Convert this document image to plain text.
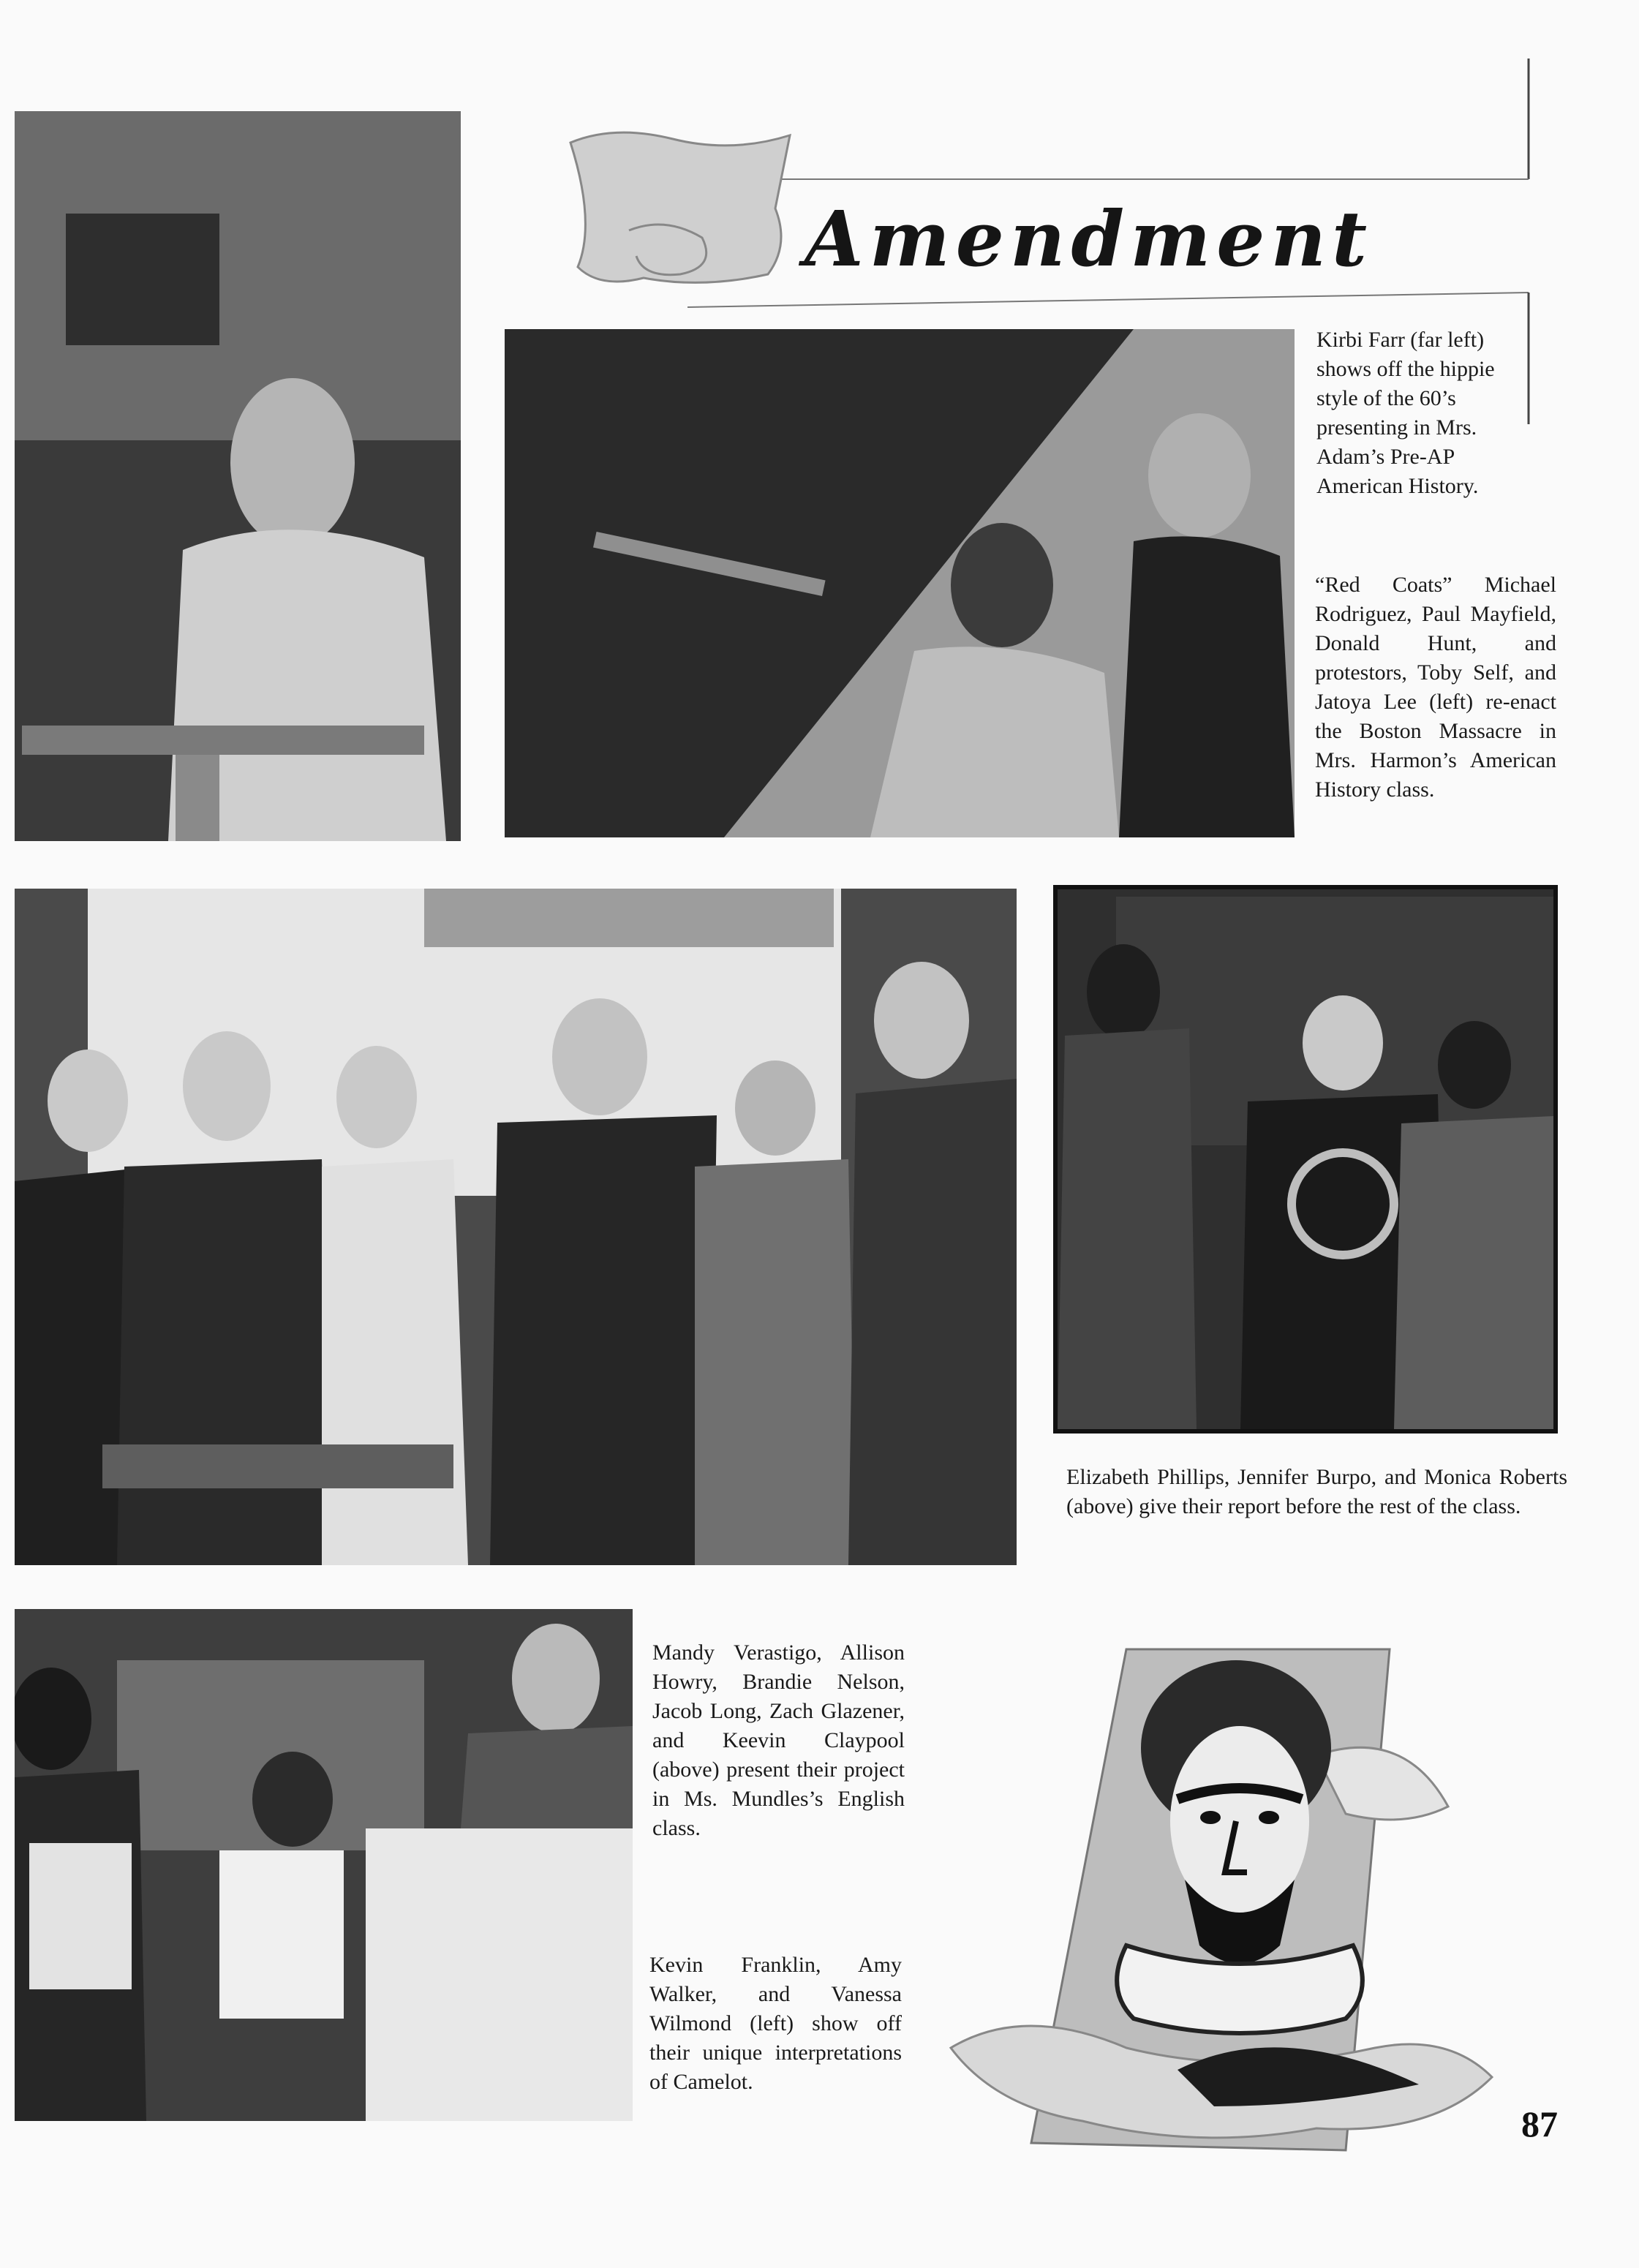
Amendment

Kirbi Farr (far left) shows off the hippie style of the 60’s presenting in Mrs. Adam’s Pre-AP American History.

“Red Coats” Michael Rodriguez, Paul Mayfield, Donald Hunt, and protestors, Toby Self, and Jatoya Lee (left) re-enact the Boston Massacre in Mrs. Harmon’s American History class.

Elizabeth Phillips, Jennifer Burpo, and Monica Roberts (above) give their report before the rest of the class.

Mandy Verastigo, Allison Howry, Brandie Nelson, Jacob Long, Zach Glazener, and Keevin Claypool (above) present their project in Ms. Mundles’s English class.

Kevin Franklin, Amy Walker, and Vanessa Wilmond (left) show off their unique interpretations of Camelot.

87
